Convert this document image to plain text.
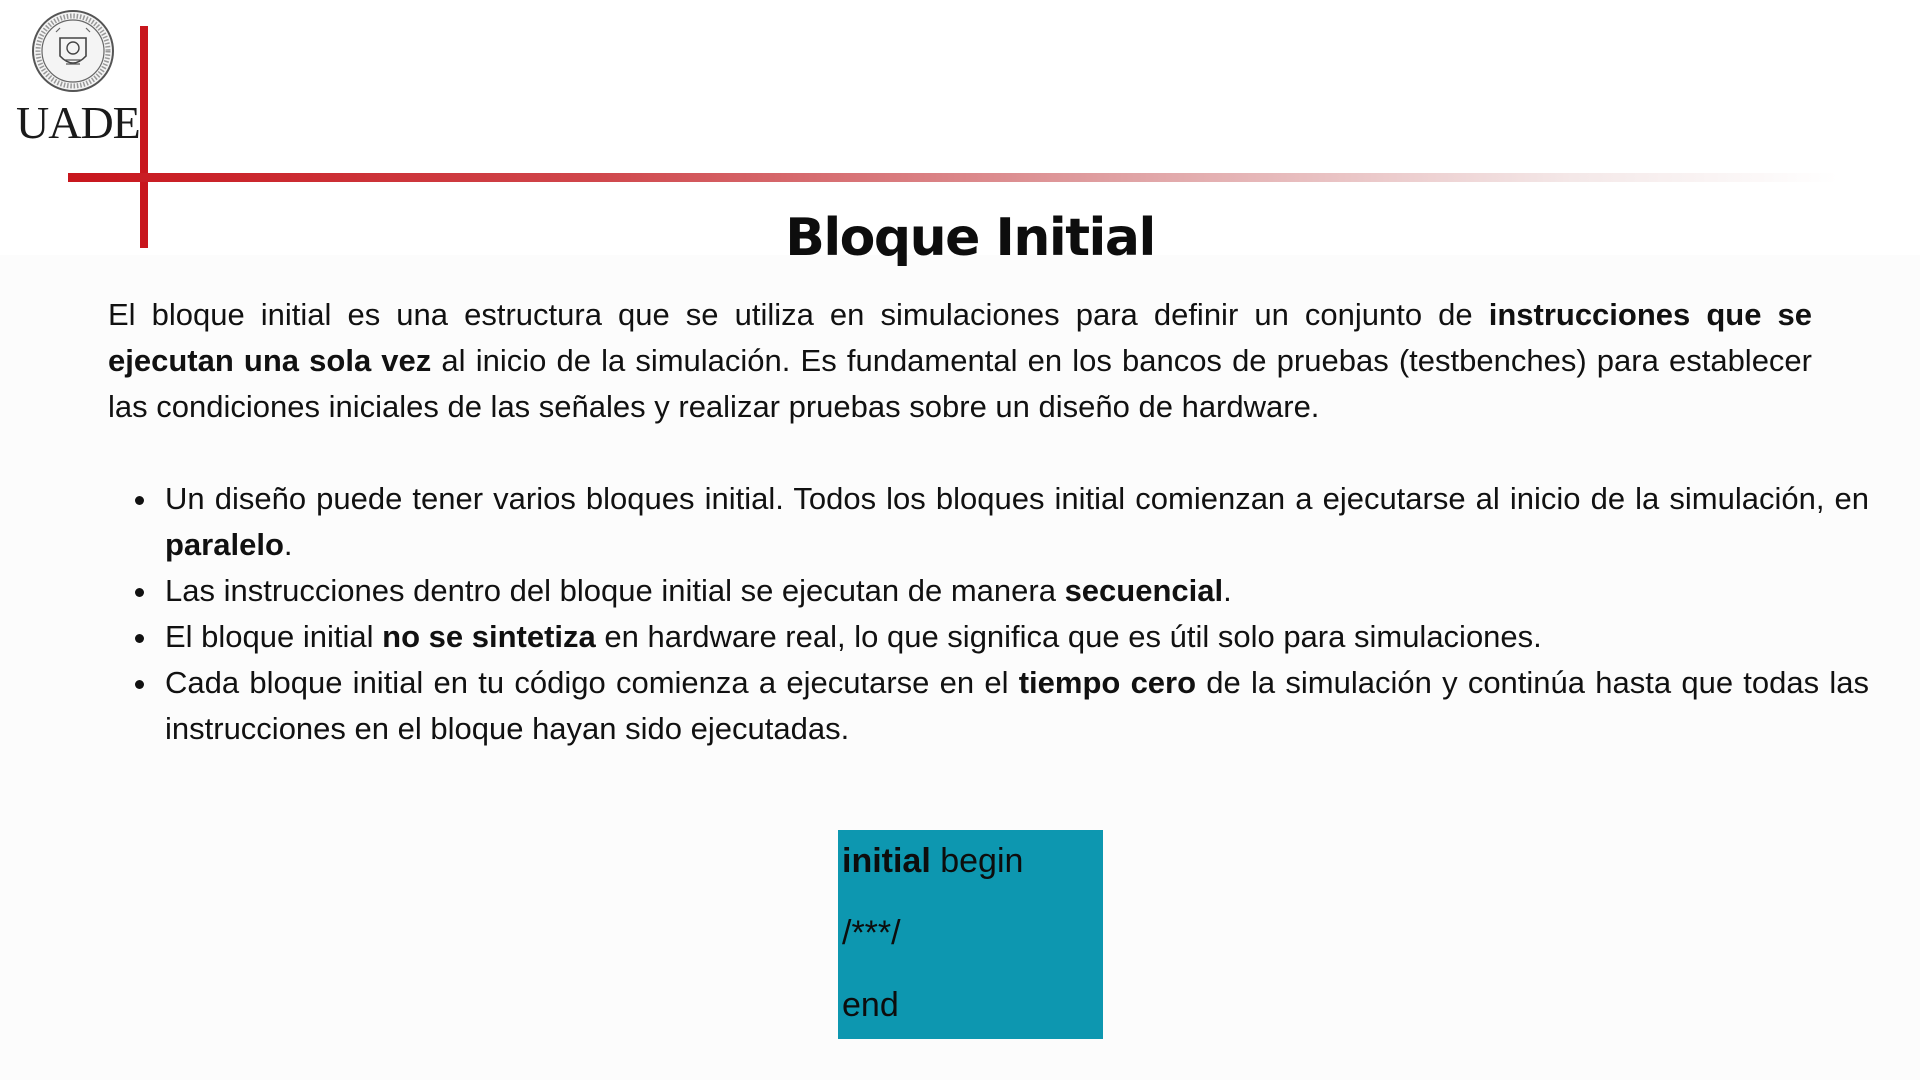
UADE
Bloque Initial

El bloque initial es una estructura que se utiliza en simulaciones para definir un conjunto de instrucciones que se ejecutan una sola vez al inicio de la simulación. Es fundamental en los bancos de pruebas (testbenches) para establecer las condiciones iniciales de las señales y realizar pruebas sobre un diseño de hardware.

Un diseño puede tener varios bloques initial. Todos los bloques initial comienzan a ejecutarse al inicio de la simulación, en paralelo.
Las instrucciones dentro del bloque initial se ejecutan de manera secuencial.
El bloque initial no se sintetiza en hardware real, lo que significa que es útil solo para simulaciones.
Cada bloque initial en tu código comienza a ejecutarse en el tiempo cero de la simulación y continúa hasta que todas las instrucciones en el bloque hayan sido ejecutadas.
initial begin
/***/
end
